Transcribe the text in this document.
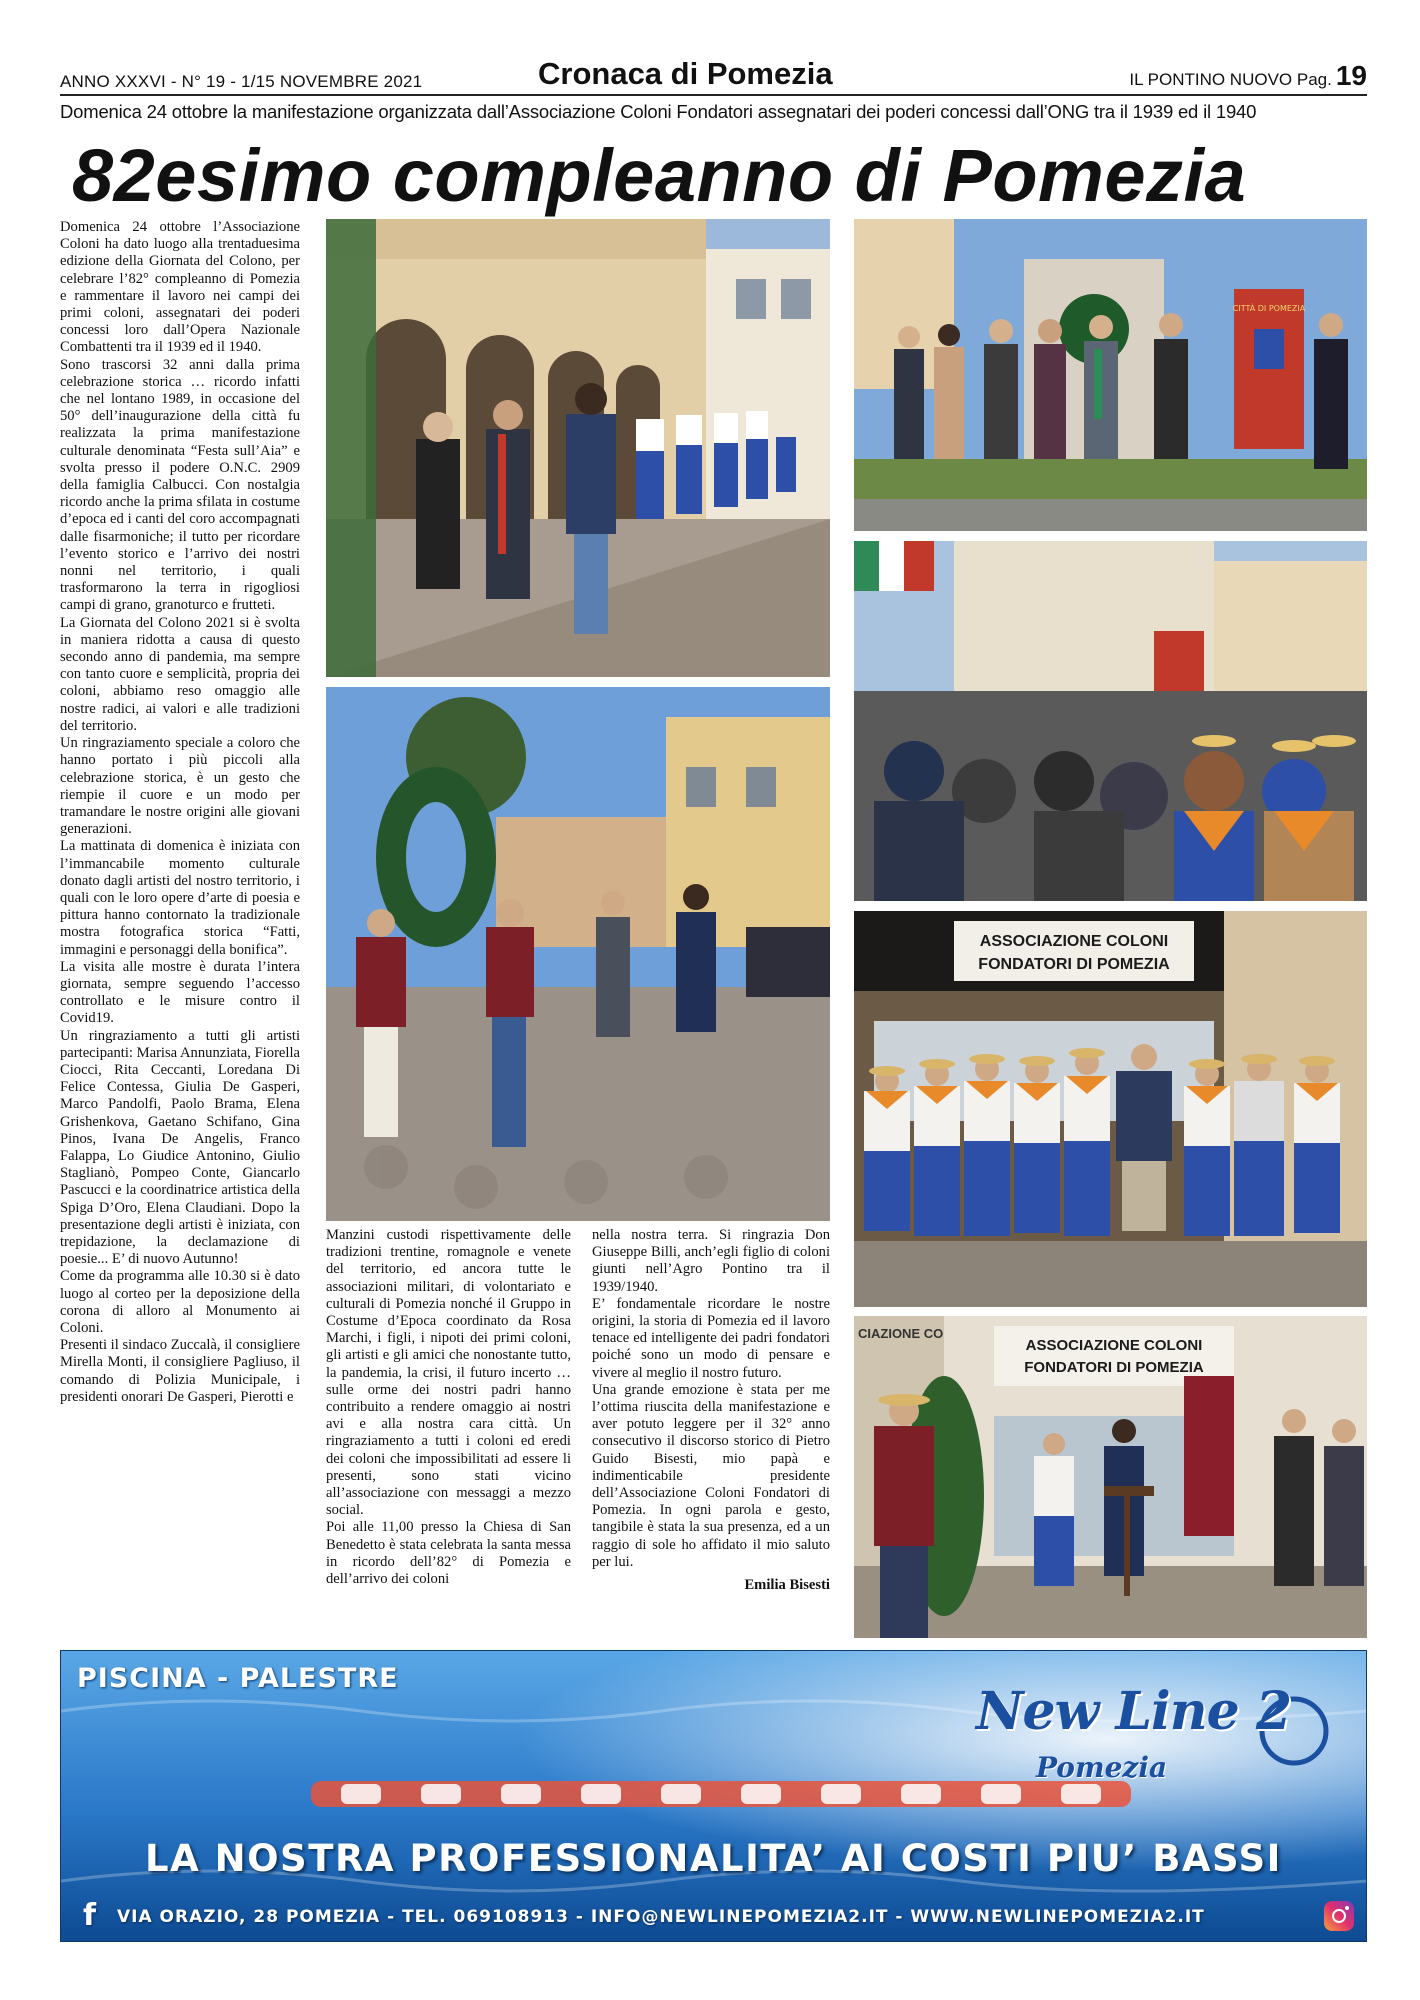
ANNO XXXVI - N° 19 - 1/15 NOVEMBRE 2021	Cronaca di Pomezia	IL PONTINO NUOVO Pag. 19
Domenica 24 ottobre la manifestazione organizzata dall’Associazione Coloni Fondatori assegnatari dei poderi concessi dall’ONG tra il 1939 ed il 1940
82esimo compleanno di Pomezia

Domenica 24 ottobre l’Associazione Coloni ha dato luogo alla trentaduesima edizione della Giornata del Colono, per celebrare l’82° compleanno di Pomezia e rammentare il lavoro nei campi dei primi coloni, assegnatari dei poderi concessi loro dall’Opera Nazionale Combattenti tra il 1939 ed il 1940.

Sono trascorsi 32 anni dalla prima celebrazione storica … ricordo infatti che nel lontano 1989, in occasione del 50° dell’inaugurazione della città fu realizzata la prima manifestazione culturale denominata “Festa sull’Aia” e svolta presso il podere O.N.C. 2909 della famiglia Calbucci. Con nostalgia ricordo anche la prima sfilata in costume d’epoca ed i canti del coro accompagnati dalle fisarmoniche; il tutto per ricordare l’evento storico e l’arrivo dei nostri nonni nel territorio, i quali trasformarono la terra in rigogliosi campi di grano, granoturco e frutteti.

La Giornata del Colono 2021 si è svolta in maniera ridotta a causa di questo secondo anno di pandemia, ma sempre con tanto cuore e semplicità, propria dei coloni, abbiamo reso omaggio alle nostre radici, ai valori e alle tradizioni del territorio.

Un ringraziamento speciale a coloro che hanno portato i più piccoli alla celebrazione storica, è un gesto che riempie il cuore e un modo per tramandare le nostre origini alle giovani generazioni.

La mattinata di domenica è iniziata con l’immancabile momento culturale donato dagli artisti del nostro territorio, i quali con le loro opere d’arte di poesia e pittura hanno contornato la tradizionale mostra fotografica storica “Fatti, immagini e personaggi della bonifica”.

La visita alle mostre è durata l’intera giornata, sempre seguendo l’accesso controllato e le misure contro il Covid19.

Un ringraziamento a tutti gli artisti partecipanti: Marisa Annunziata, Fiorella Ciocci, Rita Ceccanti, Loredana Di Felice Contessa, Giulia De Gasperi, Marco Pandolfi, Paolo Brama, Elena Grishenkova, Gaetano Schifano, Gina Pinos, Ivana De Angelis, Franco Falappa, Lo Giudice Antonino, Giulio Staglianò, Pompeo Conte, Giancarlo Pascucci e la coordinatrice artistica della Spiga D’Oro, Elena Claudiani. Dopo la presentazione degli artisti è iniziata, con trepidazione, la declamazione di poesie... E’ di nuovo Autunno!

Come da programma alle 10.30 si è dato luogo al corteo per la deposizione della corona di alloro al Monumento ai Coloni.

Presenti il sindaco Zuccalà, il consigliere Mirella Monti, il consigliere Pagliuso, il comando di Polizia Municipale, i presidenti onorari De Gasperi, Pierotti e

Manzini custodi rispettivamente delle tradizioni trentine, romagnole e venete del territorio, ed ancora tutte le associazioni militari, di volontariato e culturali di Pomezia nonché il Gruppo in Costume d’Epoca coordinato da Rosa Marchi, i figli, i nipoti dei primi coloni, gli artisti e gli amici che nonostante tutto, la pandemia, la crisi, il futuro incerto … sulle orme dei nostri padri hanno contribuito a rendere omaggio ai nostri avi e alla nostra cara città. Un ringraziamento a tutti i coloni ed eredi dei coloni che impossibilitati ad essere li presenti, sono stati vicino all’associazione con messaggi a mezzo social.

Poi alle 11,00 presso la Chiesa di San Benedetto è stata celebrata la santa messa in ricordo dell’82° di Pomezia e dell’arrivo dei coloni

nella nostra terra. Si ringrazia Don Giuseppe Billi, anch’egli figlio di coloni giunti nell’Agro Pontino tra il 1939/1940.

E’ fondamentale ricordare le nostre origini, la storia di Pomezia ed il lavoro tenace ed intelligente dei padri fondatori poiché sono un modo di pensare e vivere al meglio il nostro futuro.

Una grande emozione è stata per me l’ottima riuscita della manifestazione e aver potuto leggere per il 32° anno consecutivo il discorso storico di Pietro Guido Bisesti, mio papà e indimenticabile presidente dell’Associazione Coloni Fondatori di Pomezia. In ogni parola e gesto, tangibile è stata la sua presenza, ed a un raggio di sole ho affidato il mio saluto per lui.

Emilia Bisesti
CITTÀ DI POMEZIA
ASSOCIAZIONE COLONI
FONDATORI DI POMEZIA
CIAZIONE CO
ASSOCIAZIONE COLONI
FONDATORI DI POMEZIA
PISCINA - PALESTRE
New Line 2
Pomezia
LA NOSTRA PROFESSIONALITA’ AI COSTI PIU’ BASSI
f	VIA ORAZIO, 28 POMEZIA - TEL. 069108913 - INFO@NEWLINEPOMEZIA2.IT - WWW.NEWLINEPOMEZIA2.IT
